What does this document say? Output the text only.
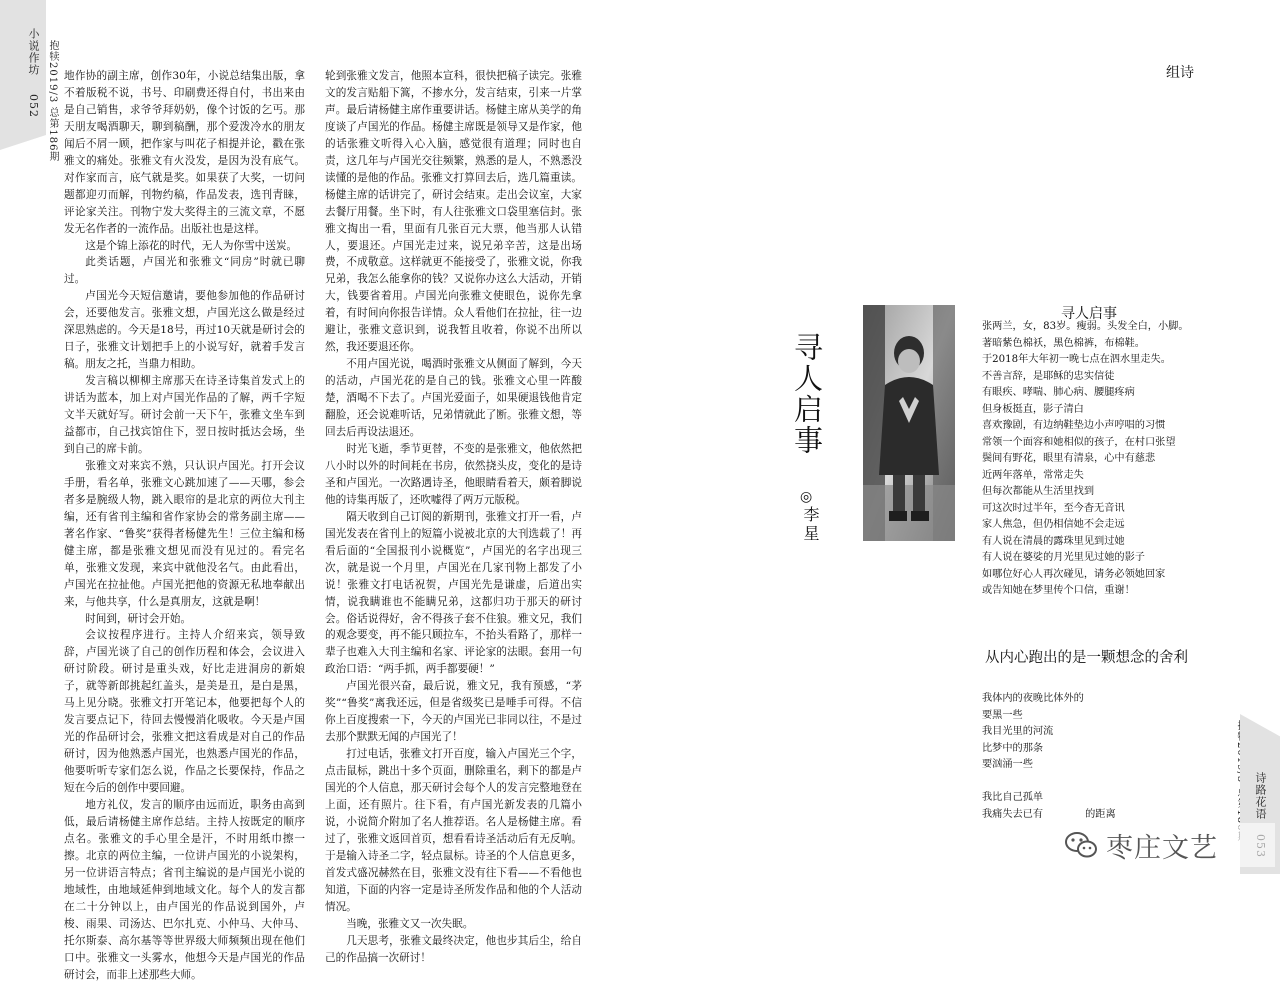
小说作坊
052 抱犊2019/3 总第186期 地作协的副主席，创作30年，小说总结集出版，拿不着版税不说，书号、印刷费还得自付，书出来由是自己销售，求爷爷拜奶奶，像个讨饭的乞丐。那天朋友喝酒聊天，聊到稿酬，那个爱泼冷水的朋友闻后不屑一顾，把作家与叫花子相提并论，戳在张雅文的痛处。张雅文有火没发，是因为没有底气。对作家而言，底气就是奖。如果获了大奖，一切问题都迎刃而解，刊物约稿，作品发表，选刊青睐，评论家关注。刊物宁发大奖得主的三流文章，不愿发无名作者的一流作品。出版社也是这样。

这是个锦上添花的时代，无人为你雪中送炭。

此类话题，卢国光和张雅文“同房”时就已聊过。

卢国光今天短信邀请，要他参加他的作品研讨会，还要他发言。张雅文想，卢国光这么做是经过深思熟虑的。今天是18号，再过10天就是研讨会的日子，张雅文计划把手上的小说写好，就着手发言稿。朋友之托，当鼎力相助。

发言稿以柳柳主席那天在诗圣诗集首发式上的讲话为蓝本，加上对卢国光作品的了解，两千字短文半天就好写。研讨会前一天下午，张雅文坐车到益都市，自己找宾馆住下，翌日按时抵达会场，坐到自己的席卡前。

张雅文对来宾不熟，只认识卢国光。打开会议手册，看名单，张雅文心跳加速了——天哪，参会者多是腕级人物，跳入眼帘的是北京的两位大刊主编，还有省刊主编和省作家协会的常务副主席——著名作家、“鲁奖”获得者杨健先生！三位主编和杨健主席，都是张雅文想见而没有见过的。看完名单，张雅文发现，来宾中就他没名气。由此看出，卢国光在拉扯他。卢国光把他的资源无私地奉献出来，与他共享，什么是真朋友，这就是啊！

时间到，研讨会开始。

会议按程序进行。主持人介绍来宾，领导致辞，卢国光谈了自己的创作历程和体会，会议进入研讨阶段。研讨是重头戏，好比走进洞房的新娘子，就等新郎挑起红盖头，是美是丑，是白是黑，马上见分晓。张雅文打开笔记本，他要把每个人的发言要点记下，待回去慢慢消化吸收。今天是卢国光的作品研讨会，张雅文把这看成是对自己的作品研讨，因为他熟悉卢国光，也熟悉卢国光的作品，他要听听专家们怎么说，作品之长要保持，作品之短在今后的创作中要回避。

地方礼仪，发言的顺序由远而近，职务由高到低，最后请杨健主席作总结。主持人按既定的顺序点名。张雅文的手心里全是汗，不时用纸巾擦一擦。北京的两位主编，一位讲卢国光的小说架构，另一位讲语言特点；省刊主编说的是卢国光小说的地域性，由地域延伸到地域文化。每个人的发言都在二十分钟以上，由卢国光的作品说到国外，卢梭、雨果、司汤达、巴尔扎克、小仲马、大仲马、托尔斯泰、高尔基等等世界级大师频频出现在他们口中。张雅文一头雾水，他想今天是卢国光的作品研讨会，而非上述那些大师。

轮到张雅文发言，他照本宣科，很快把稿子读完。张雅文的发言贴船下篙，不掺水分，发言结束，引来一片掌声。最后请杨健主席作重要讲话。杨健主席从美学的角度谈了卢国光的作品。杨健主席既是领导又是作家，他的话张雅文听得入心入脑，感觉很有道理；同时也自责，这几年与卢国光交往频繁，熟悉的是人，不熟悉没读懂的是他的作品。张雅文打算回去后，选几篇重读。杨健主席的话讲完了，研讨会结束。走出会议室，大家去餐厅用餐。坐下时，有人往张雅文口袋里塞信封。张雅文掏出一看，里面有几张百元大票，他当那人认错人，要退还。卢国光走过来，说兄弟辛苦，这是出场费，不成敬意。这样就更不能接受了，张雅文说，你我兄弟，我怎么能拿你的钱？又说你办这么大活动，开销大，钱要省着用。卢国光向张雅文使眼色，说你先拿着，有时间向你报告详情。众人看他们在拉扯，往一边避让，张雅文意识到，说我暂且收着，你说不出所以然，我还要退还你。

不用卢国光说，喝酒时张雅文从侧面了解到，今天的活动，卢国光花的是自己的钱。张雅文心里一阵酸楚，酒喝不下去了。卢国光爱面子，如果硬退钱他肯定翻脸，还会说难听话，兄弟情就此了断。张雅文想，等回去后再设法退还。

时光飞逝，季节更替，不变的是张雅文，他依然把八小时以外的时间耗在书房，依然挠头皮，变化的是诗圣和卢国光。一次路遇诗圣，他眼睛看着天，颇着脚说他的诗集再版了，还吹嘘得了两万元版税。

隔天收到自己订阅的新期刊，张雅文打开一看，卢国光发表在省刊上的短篇小说被北京的大刊选载了！再看后面的“全国报刊小说概览”，卢国光的名字出现三次，就是说一个月里，卢国光在几家刊物上都发了小说！张雅文打电话祝贺，卢国光先是谦虚，后道出实情，说我瞒谁也不能瞒兄弟，这都归功于那天的研讨会。俗话说得好，舍不得孩子套不住狼。雅文兄，我们的观念要变，再不能只顾拉车，不抬头看路了，那样一辈子也难入大刊主编和名家、评论家的法眼。套用一句政治口语：“两手抓，两手都要硬！”

卢国光很兴奋，最后说，雅文兄，我有预感，“茅奖”“鲁奖”离我还远，但是省级奖已是唾手可得。不信你上百度搜索一下，今天的卢国光已非同以往，不是过去那个默默无闻的卢国光了！

打过电话，张雅文打开百度，输入卢国光三个字，点击鼠标，跳出十多个页面，删除重名，剩下的都是卢国光的个人信息，那天研讨会每个人的发言完整地登在上面，还有照片。往下看，有卢国光新发表的几篇小说，小说简介附加了名人推荐语。名人是杨健主席。看过了，张雅文返回首页，想看看诗圣活动后有无反响。于是输入诗圣二字，轻点鼠标。诗圣的个人信息更多，首发式盛况赫然在目，张雅文没有往下看——不看他也知道，下面的内容一定是诗圣所发作品和他的个人活动情况。

当晚，张雅文又一次失眠。

几天思考，张雅文最终决定，他也步其后尘，给自己的作品搞一次研讨！

组诗
寻人启事
◎
李星
寻人启事
张两兰，女，83岁。瘦弱。头发全白，小脚。
著暗紫色棉袄，黑色棉裤，布棉鞋。
于2018年大年初一晚七点在泗水里走失。
不善言辞，是耶稣的忠实信徒
有眼疾、哮喘、肺心病、腰腿疼病
但身板挺直，影子清白
喜欢豫剧，有边纳鞋垫边小声哼唱的习惯
常领一个面容和她相似的孩子，在村口张望
鬓间有野花，眼里有清泉，心中有慈悲
近两年落单，常常走失
但每次都能从生活里找到
可这次时过半年，至今杳无音讯
家人焦急，但仍相信她不会走远
有人说在清晨的露珠里见到过她
有人说在婆娑的月光里见过她的影子
如哪位好心人再次碰见，请务必领她回家
或告知她在梦里传个口信，重谢！
从内心跑出的是一颗想念的舍利
我体内的夜晚比体外的
要黑一些
我目光里的河流
比梦中的那条
要汹涌一些
我比自己孤单
我痛失去已有	的距离	诗路花语
枣庄文艺
